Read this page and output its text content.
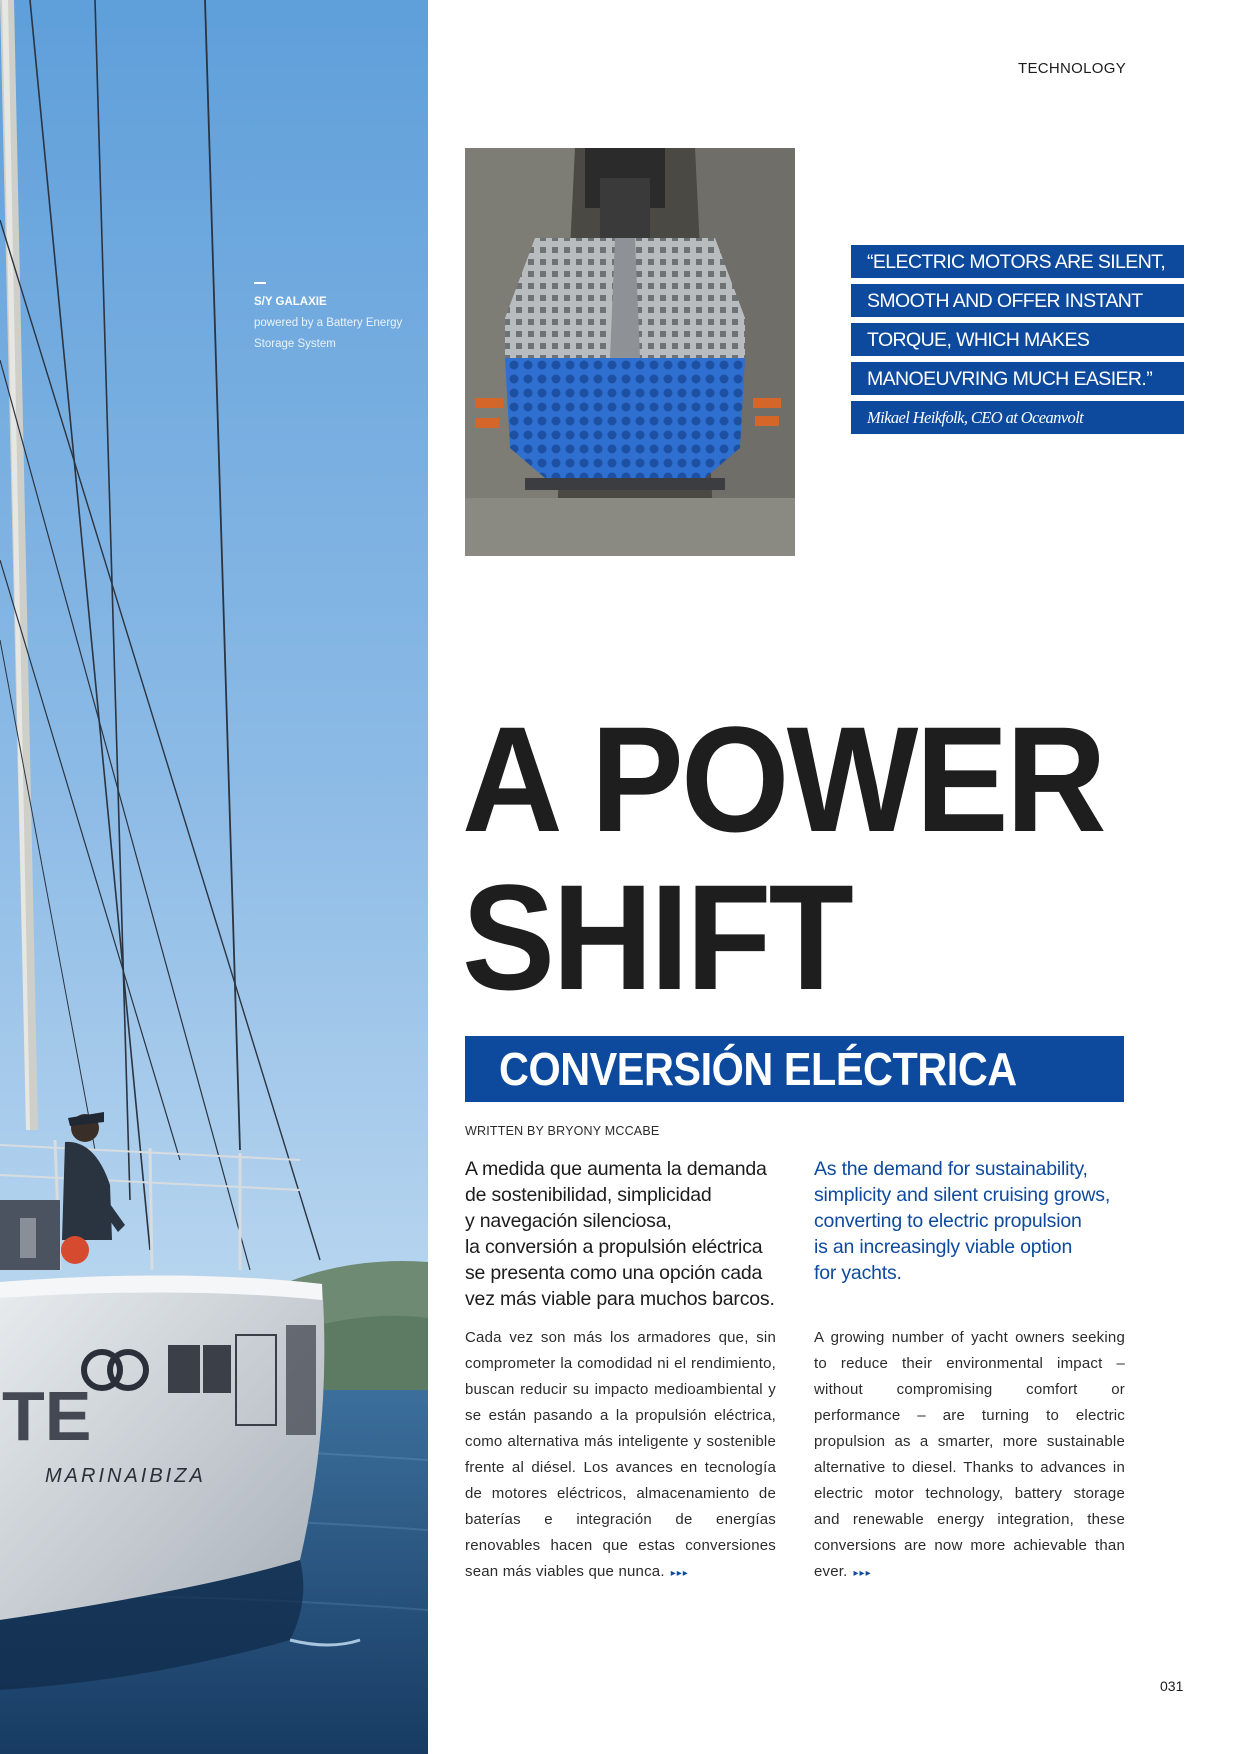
TE
MARINAIBIZA
S/Y GALAXIE
powered by a Battery Energy Storage System
TECHNOLOGY
“ELECTRIC MOTORS ARE SILENT,
SMOOTH AND OFFER INSTANT
TORQUE, WHICH MAKES
MANOEUVRING MUCH EASIER.”
Mikael Heikfolk, CEO at Oceanvolt
A POWER
SHIFT
CONVERSIÓN ELÉCTRICA
WRITTEN BY BRYONY MCCABE
A medida que aumenta la demanda
de sostenibilidad, simplicidad
y navegación silenciosa,
la conversión a propulsión eléctrica
se presenta como una opción cada
vez más viable para muchos barcos.
As the demand for sustainability,
simplicity and silent cruising grows,
converting to electric propulsion
is an increasingly viable option
for yachts.

Cada vez son más los armadores que, sin comprometer la comodidad ni el rendimiento, buscan reducir su impacto medioambiental y se están pasando a la propulsión eléctrica, como alternativa más inteligente y sostenible frente al diésel. Los avances en tecnología de motores eléctricos, almacenamiento de baterías e integración de energías renovables hacen que estas conversiones sean más viables que nunca. ▸▸▸

A growing number of yacht owners seeking to reduce their environmental impact – without compromising comfort or performance – are turning to electric propulsion as a smarter, more sustainable alternative to diesel. Thanks to advances in electric motor technology, battery storage and renewable energy integration, these conversions are now more achievable than ever. ▸▸▸

031
